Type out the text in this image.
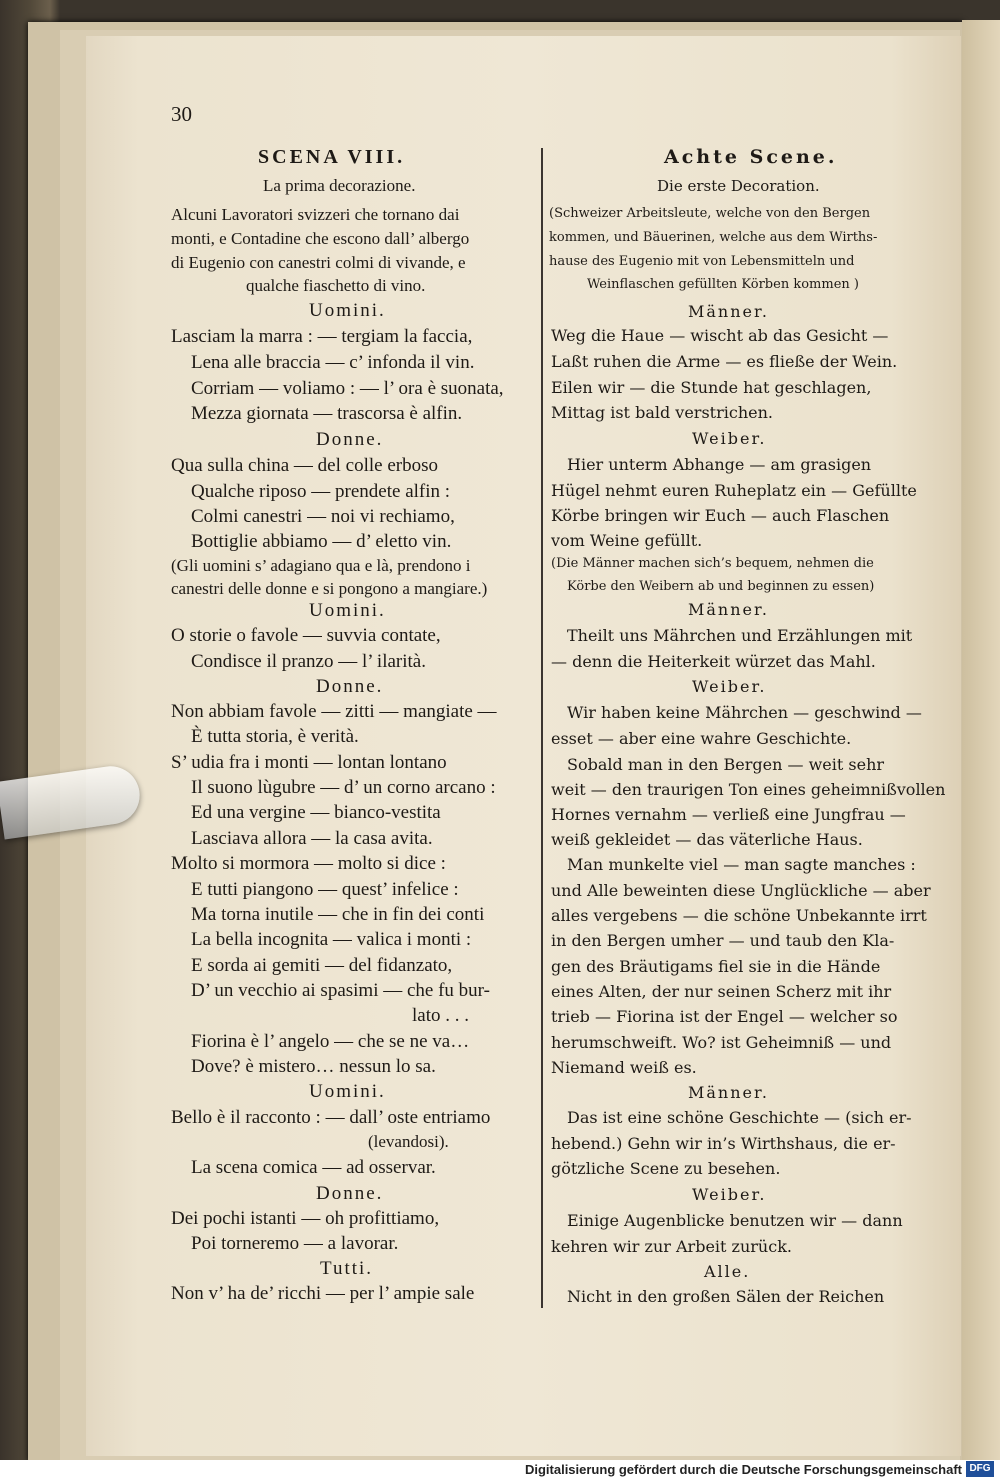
30
SCENA VIII.
La prima decorazione.
Alcuni Lavoratori svizzeri che tornano dai
monti, e Contadine che escono dall’ albergo
di Eugenio con canestri colmi di vivande, e
qualche fiaschetto di vino.
Uomini.
Lasciam la marra : — tergiam la faccia,
Lena alle braccia — c’ infonda il vin.
Corriam — voliamo : — l’ ora è suonata,
Mezza giornata — trascorsa è alfin.
Donne.
Qua sulla china — del colle erboso
Qualche riposo — prendete alfin :
Colmi canestri — noi vi rechiamo,
Bottiglie abbiamo — d’ eletto vin.
(Gli uomini s’ adagiano qua e là, prendono i
canestri delle donne e si pongono a mangiare.)
Uomini.
O storie o favole — suvvia contate,
Condisce il pranzo — l’ ilarità.
Donne.
Non abbiam favole — zitti — mangiate —
È tutta storia, è verità.
S’ udia fra i monti — lontan lontano
Il suono lùgubre — d’ un corno arcano :
Ed una vergine — bianco-vestita
Lasciava allora — la casa avita.
Molto si mormora — molto si dice :
E tutti piangono — quest’ infelice :
Ma torna inutile — che in fin dei conti
La bella incognita — valica i monti :
E sorda ai gemiti — del fidanzato,
D’ un vecchio ai spasimi — che fu bur-
lato . . .
Fiorina è l’ angelo — che se ne va…
Dove? è mistero… nessun lo sa.
Uomini.
Bello è il racconto : — dall’ oste entriamo
(levandosi).
La scena comica — ad osservar.
Donne.
Dei pochi istanti — oh profittiamo,
Poi torneremo — a lavorar.
Tutti.
Non v’ ha de’ ricchi — per l’ ampie sale
Achte Scene.
Die erste Decoration.
(Schweizer Arbeitsleute, welche von den Bergen
kommen, und Bäuerinen, welche aus dem Wirths-
hause des Eugenio mit von Lebensmitteln und
Weinflaschen gefüllten Körben kommen )
Männer.
Weg die Haue — wischt ab das Gesicht —
Laßt ruhen die Arme — es fließe der Wein.
Eilen wir — die Stunde hat geschlagen,
Mittag ist bald verstrichen.
Weiber.
Hier unterm Abhange — am grasigen
Hügel nehmt euren Ruheplatz ein — Gefüllte
Körbe bringen wir Euch — auch Flaschen
vom Weine gefüllt.
(Die Männer machen sich’s bequem, nehmen die
Körbe den Weibern ab und beginnen zu essen)
Männer.
Theilt uns Mährchen und Erzählungen mit
— denn die Heiterkeit würzet das Mahl.
Weiber.
Wir haben keine Mährchen — geschwind —
esset — aber eine wahre Geschichte.
Sobald man in den Bergen — weit sehr
weit — den traurigen Ton eines geheimnißvollen
Hornes vernahm — verließ eine Jungfrau —
weiß gekleidet — das väterliche Haus.
Man munkelte viel — man sagte manches :
und Alle beweinten diese Unglückliche — aber
alles vergebens — die schöne Unbekannte irrt
in den Bergen umher — und taub den Kla-
gen des Bräutigams fiel sie in die Hände
eines Alten, der nur seinen Scherz mit ihr
trieb — Fiorina ist der Engel — welcher so
herumschweift. Wo? ist Geheimniß — und
Niemand weiß es.
Männer.
Das ist eine schöne Geschichte — (sich er-
hebend.) Gehn wir in’s Wirthshaus, die er-
götzliche Scene zu besehen.
Weiber.
Einige Augenblicke benutzen wir — dann
kehren wir zur Arbeit zurück.
Alle.
Nicht in den großen Sälen der Reichen
Digitalisierung gefördert durch die Deutsche Forschungsgemeinschaft DFG
